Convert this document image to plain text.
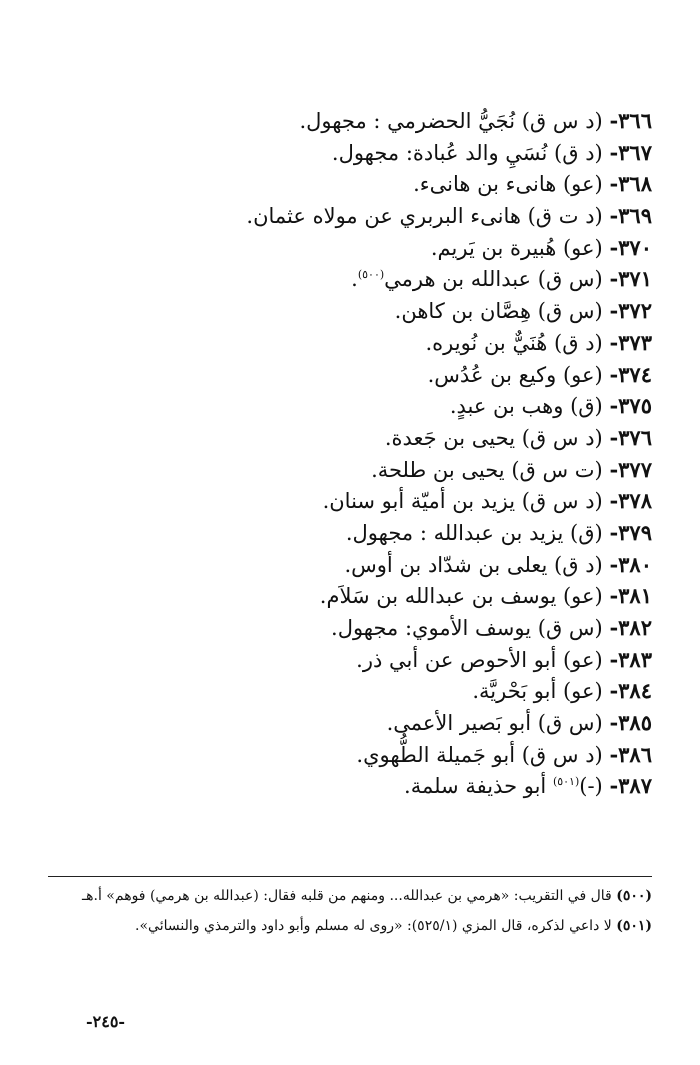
٣٦٦- (د س ق) نُجَيُّ الحضرمي : مجهول.
٣٦٧- (د ق) نُسَيِ والد عُبادة: مجهول.
٣٦٨- (عو) هانىء بن هانىء.
٣٦٩- (د ت ق) هانىء البربري عن مولاه عثمان.
٣٧٠- (عو) هُبيرة بن يَريم.
٣٧١- (س ق) عبدالله بن هرمي$^{(٥٠٠)}$.
٣٧٢- (س ق) هِصَّان بن كاهن.
٣٧٣- (د ق) هُنَيٌّ بن نُويره.
٣٧٤- (عو) وكيع بن عُدُس.
٣٧٥- (ق) وهب بن عبدٍ.
٣٧٦- (د س ق) يحيى بن جَعدة.
٣٧٧- (ت س ق) يحيى بن طلحة.
٣٧٨- (د س ق) يزيد بن أميّة أبو سنان.
٣٧٩- (ق) يزيد بن عبدالله : مجهول.
٣٨٠- (د ق) يعلى بن شدّاد بن أوس.
٣٨١- (عو) يوسف بن عبدالله بن سَلاَم.
٣٨٢- (س ق) يوسف الأموي: مجهول.
٣٨٣- (عو) أبو الأحوص عن أبي ذر.
٣٨٤- (عو) أبو بَحْريَّة.
٣٨٥- (س ق) أبو بَصير الأعمى.
٣٨٦- (د س ق) أبو جَميلة الطُّهوي.
٣٨٧- $(-)^{(٥٠١)}$ أبو حذيفة سلمة.
(٥٠٠) قال في التقريب: «هرمي بن عبدالله... ومنهم من قلبه فقال: (عبدالله بن هرمي) فوهم» أ.هـ
(٥٠١) لا داعي لذكره، قال المزي (٥٢٥/١): «روى له مسلم وأبو داود والترمذي والنسائي».
-٢٤٥-
